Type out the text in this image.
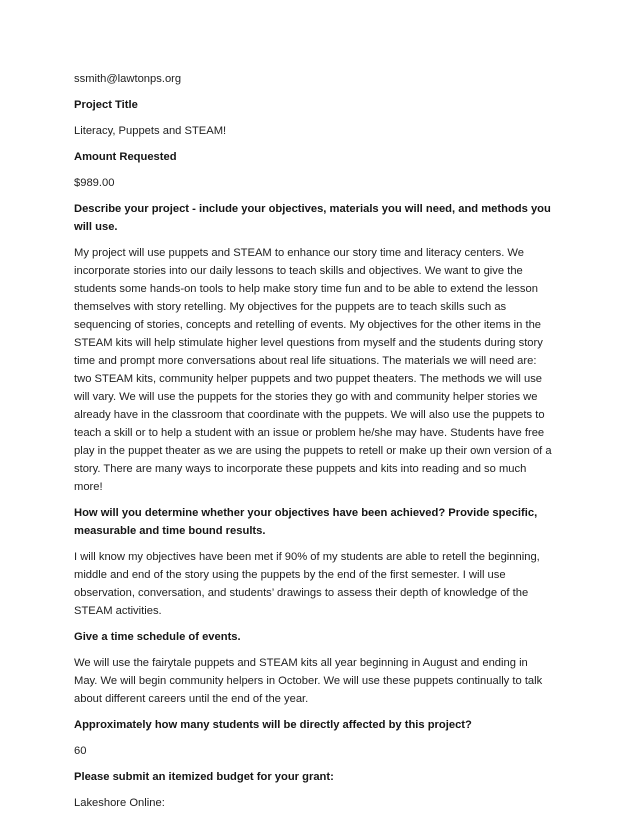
ssmith@lawtonps.org
Project Title
Literacy, Puppets and STEAM!
Amount Requested
$989.00
Describe your project - include your objectives, materials you will need, and methods you will use.
My project will use puppets and STEAM to enhance our story time and literacy centers. We incorporate stories into our daily lessons to teach skills and objectives. We want to give the students some hands-on tools to help make story time fun and to be able to extend the lesson themselves with story retelling. My objectives for the puppets are to teach skills such as sequencing of stories, concepts and retelling of events. My objectives for the other items in the STEAM kits will help stimulate higher level questions from myself and the students during story time and prompt more conversations about real life situations. The materials we will need are: two STEAM kits, community helper puppets and two puppet theaters. The methods we will use will vary. We will use the puppets for the stories they go with and community helper stories we already have in the classroom that coordinate with the puppets. We will also use the puppets to teach a skill or to help a student with an issue or problem he/she may have. Students have free play in the puppet theater as we are using the puppets to retell or make up their own version of a story. There are many ways to incorporate these puppets and kits into reading and so much more!
How will you determine whether your objectives have been achieved? Provide specific, measurable and time bound results.
I will know my objectives have been met if 90% of my students are able to retell the beginning, middle and end of the story using the puppets by the end of the first semester. I will use observation, conversation, and students’ drawings to assess their depth of knowledge of the STEAM activities.
Give a time schedule of events.
We will use the fairytale puppets and STEAM kits all year beginning in August and ending in May. We will begin community helpers in October. We will use these puppets continually to talk about different careers until the end of the year.
Approximately how many students will be directly affected by this project?
60
Please submit an itemized budget for your grant:
Lakeshore Online:
